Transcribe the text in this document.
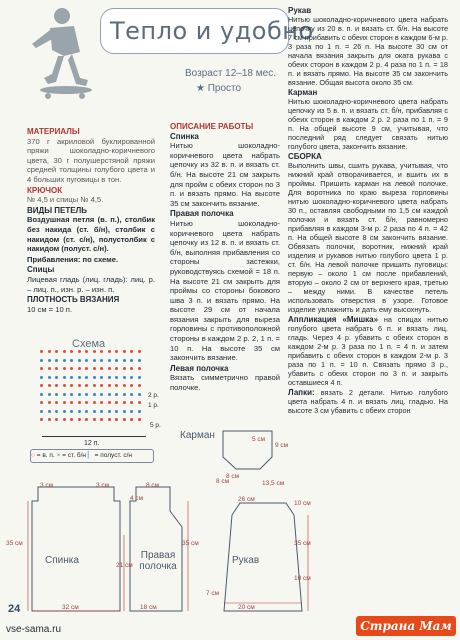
Тепло и удобно
Возраст 12–18 мес.
★ Просто
МАТЕРИАЛЫ

370 г акриловой буклированной пряжи шоколадно-коричневого цвета, 30 г полушерстяной пряжи средней толщины голубого цвета и 4 больших пуговицы в тон.

КРЮЧОК

№ 4,5 и спицы № 4,5.

ВИДЫ ПЕТЕЛЬ

Воздушная петля (в. п.), столбик без накида (ст. б/н), столбик с накидом (ст. с/н), полустолбик с накидом (полуст. с/н).

Прибавления: по схеме.

Спицы

Лицевая гладь (лиц. гладь): лиц. р. – лиц. п., изн. р. – изн. п.

ПЛОТНОСТЬ ВЯЗАНИЯ

10 см = 10 п.

ОПИСАНИЕ РАБОТЫ
Спинка

Нитью шоколадно-коричневого цвета набрать цепочку из 32 в. п. и вязать ст. б/н. На высоте 21 см закрыть для пройм с обеих сторон по 3 п. и вязать прямо. На высоте 35 см закончить вязание.

Правая полочка

Нитью шоколадно-коричневого цвета набрать цепочку из 12 в. п. и вязать ст. б/н, выполняя прибавления со стороны застежки, руководствуясь схемой = 18 п. На высоте 21 см закрыть для проймы со стороны бокового шва 3 п. и вязать прямо. На высоте 29 см от начала вязания закрыть для выреза горловины с противоположной стороны в каждом 2 р. 2, 1 п. = 10 п. На высоте 35 см закончить вязание.

Левая полочка

Вязать симметрично правой полочке.

Рукав

Нитью шоколадно-коричневого цвета набрать цепочку из 20 в. п. и вязать ст. б/н. На высоте 7 см прибавить с обеих сторон в каждом 6-м р. 3 раза по 1 п. = 26 п. На высоте 30 см от начала вязания закрыть для оката рукава с обеих сторон в каждом 2 р. 4 раза по 1 п. = 18 п. и вязать прямо. На высоте 35 см закончить вязание. Общая высота около 35 см.

Карман

Нитью шоколадно-коричневого цвета набрать цепочку из 5 в. п. и вязать ст. б/н, прибавляя с обеих сторон в каждом 2 р. 2 раза по 1 п. = 9 п. На общей высоте 9 см, учитывая, что последний ряд следует связать нитью голубого цвета, закончить вязание.

СБОРКА

Выполнить швы, сшить рукава, учитывая, что нижний край отворачивается, и вшить их в проймы. Пришить карман на левой полочке. Для воротника по краю выреза горловины нитью шоколадно-коричневого цвета набрать 30 п., оставляя свободными по 1,5 см каждой полочки и вязать ст. б/н, равномерно прибавляя в каждом 3-м р. 2 раза по 4 п. = 42 п. На общей высоте 8 см закончить вязание. Обвязать полочки, воротник, нижний край изделия и рукавов нитью голубого цвета 1 р. ст. б/н. На левой полочке пришить пуговицы: первую – около 1 см после прибавлений, вторую – около 2 см от верхнего края, третью – между ними. В качестве петель использовать отверстия в узоре. Готовое изделие увлажнить и дать ему высохнуть.

Аппликация «Мишка» на спицах нитью голубого цвета набрать 6 п. и вязать лиц. гладь. Через 4 р. убавить с обеих сторон в каждом 2-м р. 3 раза по 1 п. = 4 п. и затем прибавить с обеих сторон в каждом 2-м р. 3 раза по 1 п. = 10 п. Связать прямо 3 р., убавить с обеих сторон по 3 п. и закрыть оставшиеся 4 п.

Лапки: вязать 2 детали. Нитью голубого цвета набрать 4 п. и вязать лиц. гладью. На высоте 3 см убавить с обеих сторон

Схема
2 р.
1 р.
5 р.
12 п.
○ = в. п. × = ст. б/н ▏ = полуст. с/н
Карман
Спинка	Правая полочка
Рукав
5 см
9 см
8 см
32 см
3 см	3 см
35 см
21 см
8 см
4 см
35 см
18 см
26 см
20 см
35 см
7 см
13,5 см
10 см
8 см
10 см
24
vse-sama.ru	Страна Мам
